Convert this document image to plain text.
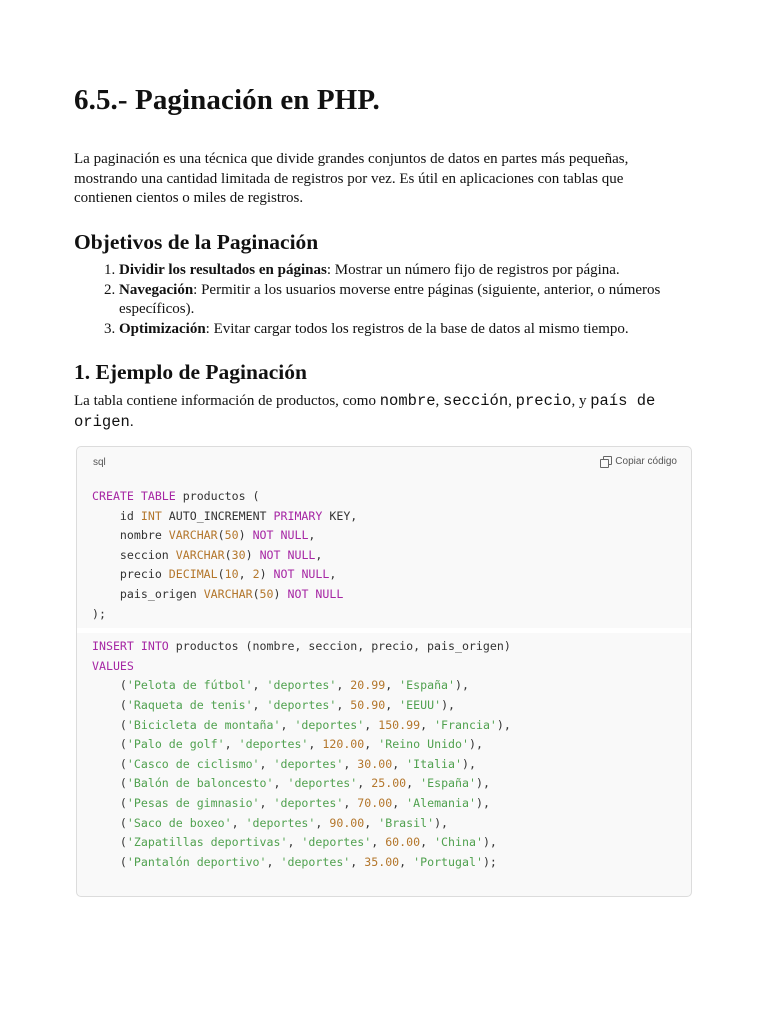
6.5.- Paginación en PHP.

La paginación es una técnica que divide grandes conjuntos de datos en partes más pequeñas, mostrando una cantidad limitada de registros por vez. Es útil en aplicaciones con tablas que contienen cientos o miles de registros.

Objetivos de la Paginación
1. Dividir los resultados en páginas: Mostrar un número fijo de registros por página.
2. Navegación: Permitir a los usuarios moverse entre páginas (siguiente, anterior, o números específicos).
3. Optimización: Evitar cargar todos los registros de la base de datos al mismo tiempo.
1. Ejemplo de Paginación

La tabla contiene información de productos, como nombre, sección, precio, y país de origen.

sql	Copiar código
CREATE TABLE productos (
id INT AUTO_INCREMENT PRIMARY KEY,
nombre VARCHAR(50) NOT NULL,
seccion VARCHAR(30) NOT NULL,
precio DECIMAL(10, 2) NOT NULL,
pais_origen VARCHAR(50) NOT NULL
);
INSERT INTO productos (nombre, seccion, precio, pais_origen)
VALUES
('Pelota de fútbol', 'deportes', 20.99, 'España'),
('Raqueta de tenis', 'deportes', 50.90, 'EEUU'),
('Bicicleta de montaña', 'deportes', 150.99, 'Francia'),
('Palo de golf', 'deportes', 120.00, 'Reino Unido'),
('Casco de ciclismo', 'deportes', 30.00, 'Italia'),
('Balón de baloncesto', 'deportes', 25.00, 'España'),
('Pesas de gimnasio', 'deportes', 70.00, 'Alemania'),
('Saco de boxeo', 'deportes', 90.00, 'Brasil'),
('Zapatillas deportivas', 'deportes', 60.00, 'China'),
('Pantalón deportivo', 'deportes', 35.00, 'Portugal');
